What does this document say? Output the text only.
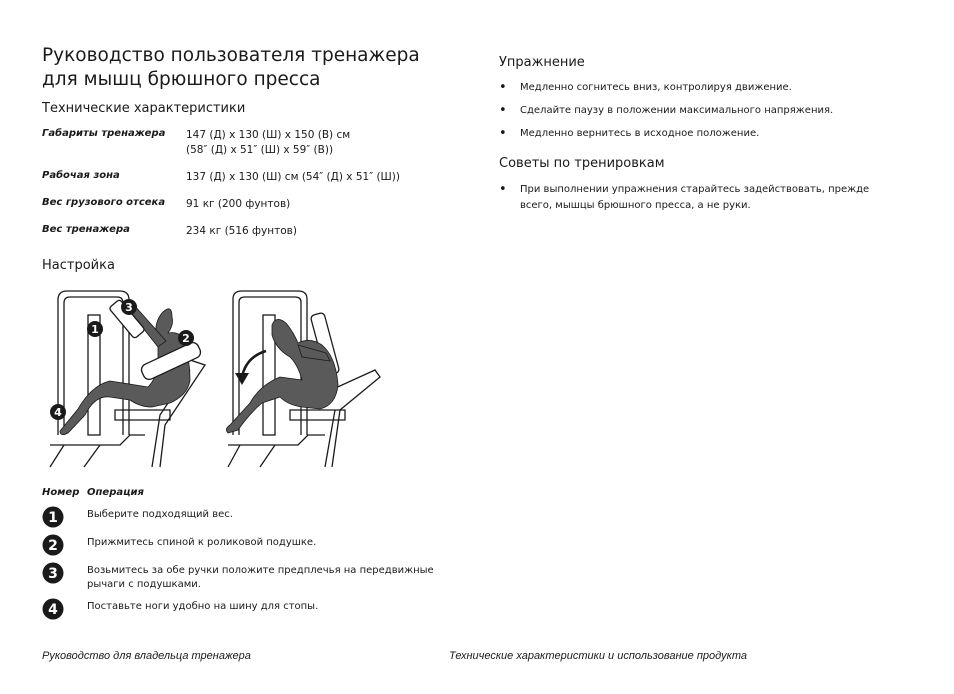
Руководство пользователя тренажера для мышц брюшного пресса
Технические характеристики
Габариты тренажера	147 (Д) x 130 (Ш) x 150 (В) см
(58″ (Д) x 51″ (Ш) x 59″ (В))
Рабочая зона	137 (Д) x 130 (Ш) см (54″ (Д) x 51″ (Ш))
Вес грузового отсека	91 кг (200 фунтов)
Вес тренажера	234 кг (516 фунтов)
Настройка
1
2
3
4
Номер Операция
1	Выберите подходящий вес.
2	Прижмитесь спиной к роликовой подушке.
3	Возьмитесь за обе ручки положите предплечья на передвижные рычаги с подушками.
4	Поставьте ноги удобно на шину для стопы.
Упражнение
• Медленно согнитесь вниз, контролируя движение.
• Сделайте паузу в положении максимального напряжения.
• Медленно вернитесь в исходное положение.
Советы по тренировкам
• При выполнении упражнения старайтесь задействовать, прежде всего, мышцы брюшного пресса, а не руки.
Руководство для владельца тренажера	Технические характеристики и использование продукта
